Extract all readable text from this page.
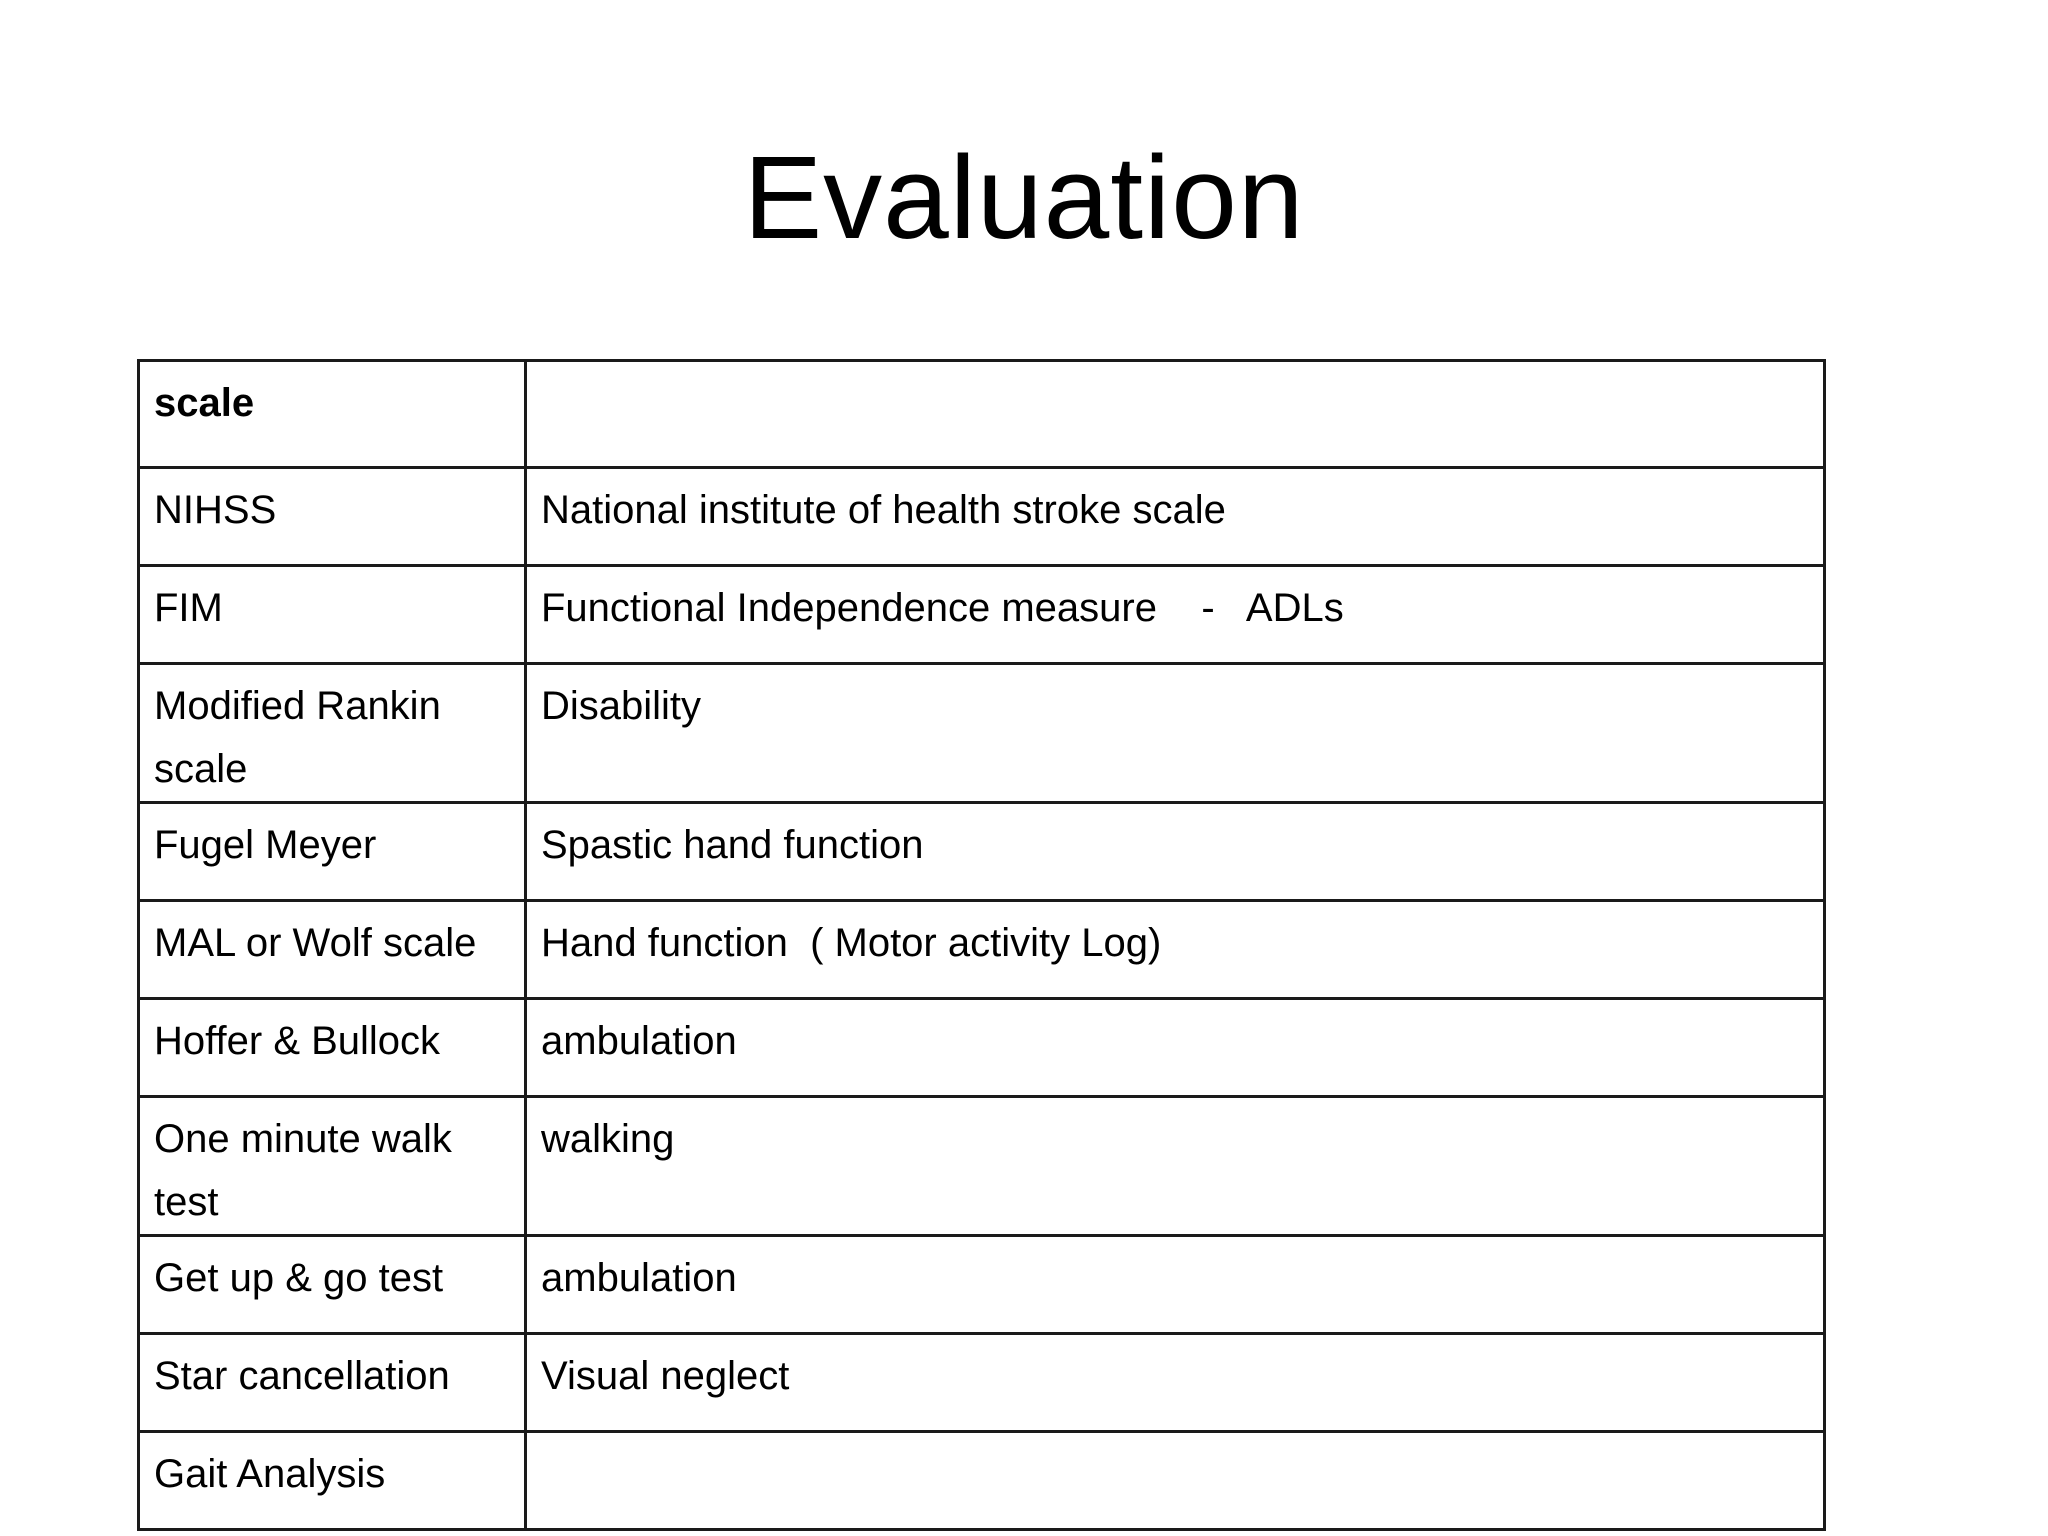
Evaluation
scale	
NIHSS	National institute of health stroke scale
FIM	Functional Independence measure    -   ADLs
Modified Rankin scale	Disability
Fugel Meyer	Spastic hand function
MAL or Wolf scale	Hand function  ( Motor activity Log)
Hoffer & Bullock	ambulation
One minute walk test	walking
Get up & go test	ambulation
Star cancellation	Visual neglect
Gait Analysis	
